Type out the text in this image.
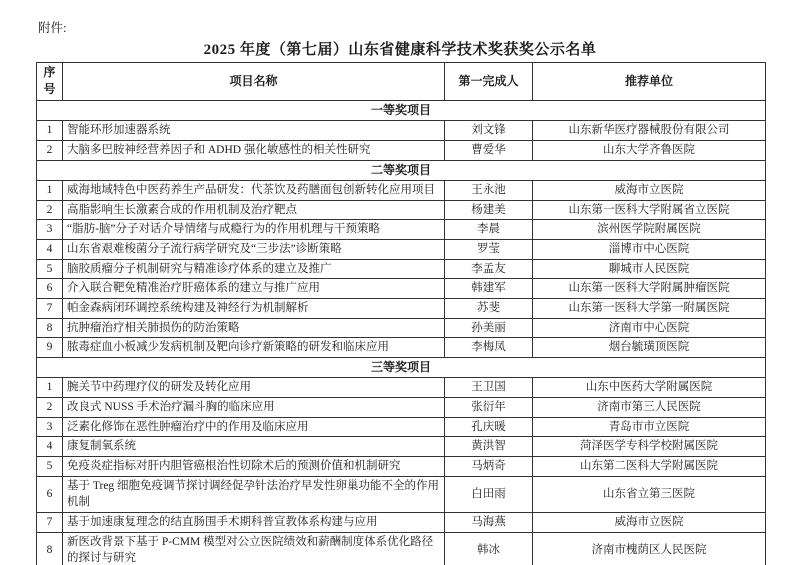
附件:
2025 年度（第七届）山东省健康科学技术奖获奖公示名单
序号	项目名称	第一完成人	推荐单位
一等奖项目			
1	智能环形加速器系统	刘文锋	山东新华医疗器械股份有限公司
2	大脑多巴胺神经营养因子和 ADHD 强化敏感性的相关性研究	曹爱华	山东大学齐鲁医院
二等奖项目			
1	威海地域特色中医药养生产品研发：代茶饮及药膳面包创新转化应用项目	王永池	威海市立医院
2	高脂影响生长激素合成的作用机制及治疗靶点	杨建美	山东第一医科大学附属省立医院
3	“脂肪-脑”分子对话介导情绪与成瘾行为的作用机理与干预策略	李晨	滨州医学院附属医院
4	山东省艰难梭菌分子流行病学研究及“三步法”诊断策略	罗莹	淄博市中心医院
5	脑胶质瘤分子机制研究与精准诊疗体系的建立及推广	李孟友	聊城市人民医院
6	介入联合靶免精准治疗肝癌体系的建立与推广应用	韩建军	山东第一医科大学附属肿瘤医院
7	帕金森病闭环调控系统构建及神经行为机制解析	苏斐	山东第一医科大学第一附属医院
8	抗肿瘤治疗相关肺损伤的防治策略	孙美丽	济南市中心医院
9	脓毒症血小板减少发病机制及靶向诊疗新策略的研发和临床应用	李梅凤	烟台毓璜顶医院
三等奖项目			
1	腕关节中药理疗仪的研发及转化应用	王卫国	山东中医药大学附属医院
2	改良式 NUSS 手术治疗漏斗胸的临床应用	张衍年	济南市第三人民医院
3	泛素化修饰在恶性肿瘤治疗中的作用及临床应用	孔庆暖	青岛市市立医院
4	康复制氧系统	黄洪智	菏泽医学专科学校附属医院
5	免疫炎症指标对肝内胆管癌根治性切除术后的预测价值和机制研究	马炳奇	山东第二医科大学附属医院
6	基于 Treg 细胞免疫调节探讨调经促孕针法治疗早发性卵巢功能不全的作用机制	白田雨	山东省立第三医院
7	基于加速康复理念的结直肠围手术期科普宣教体系构建与应用	马海燕	威海市立医院
8	新医改背景下基于 P-CMM 模型对公立医院绩效和薪酬制度体系优化路径的探讨与研究	韩冰	济南市槐荫区人民医院
